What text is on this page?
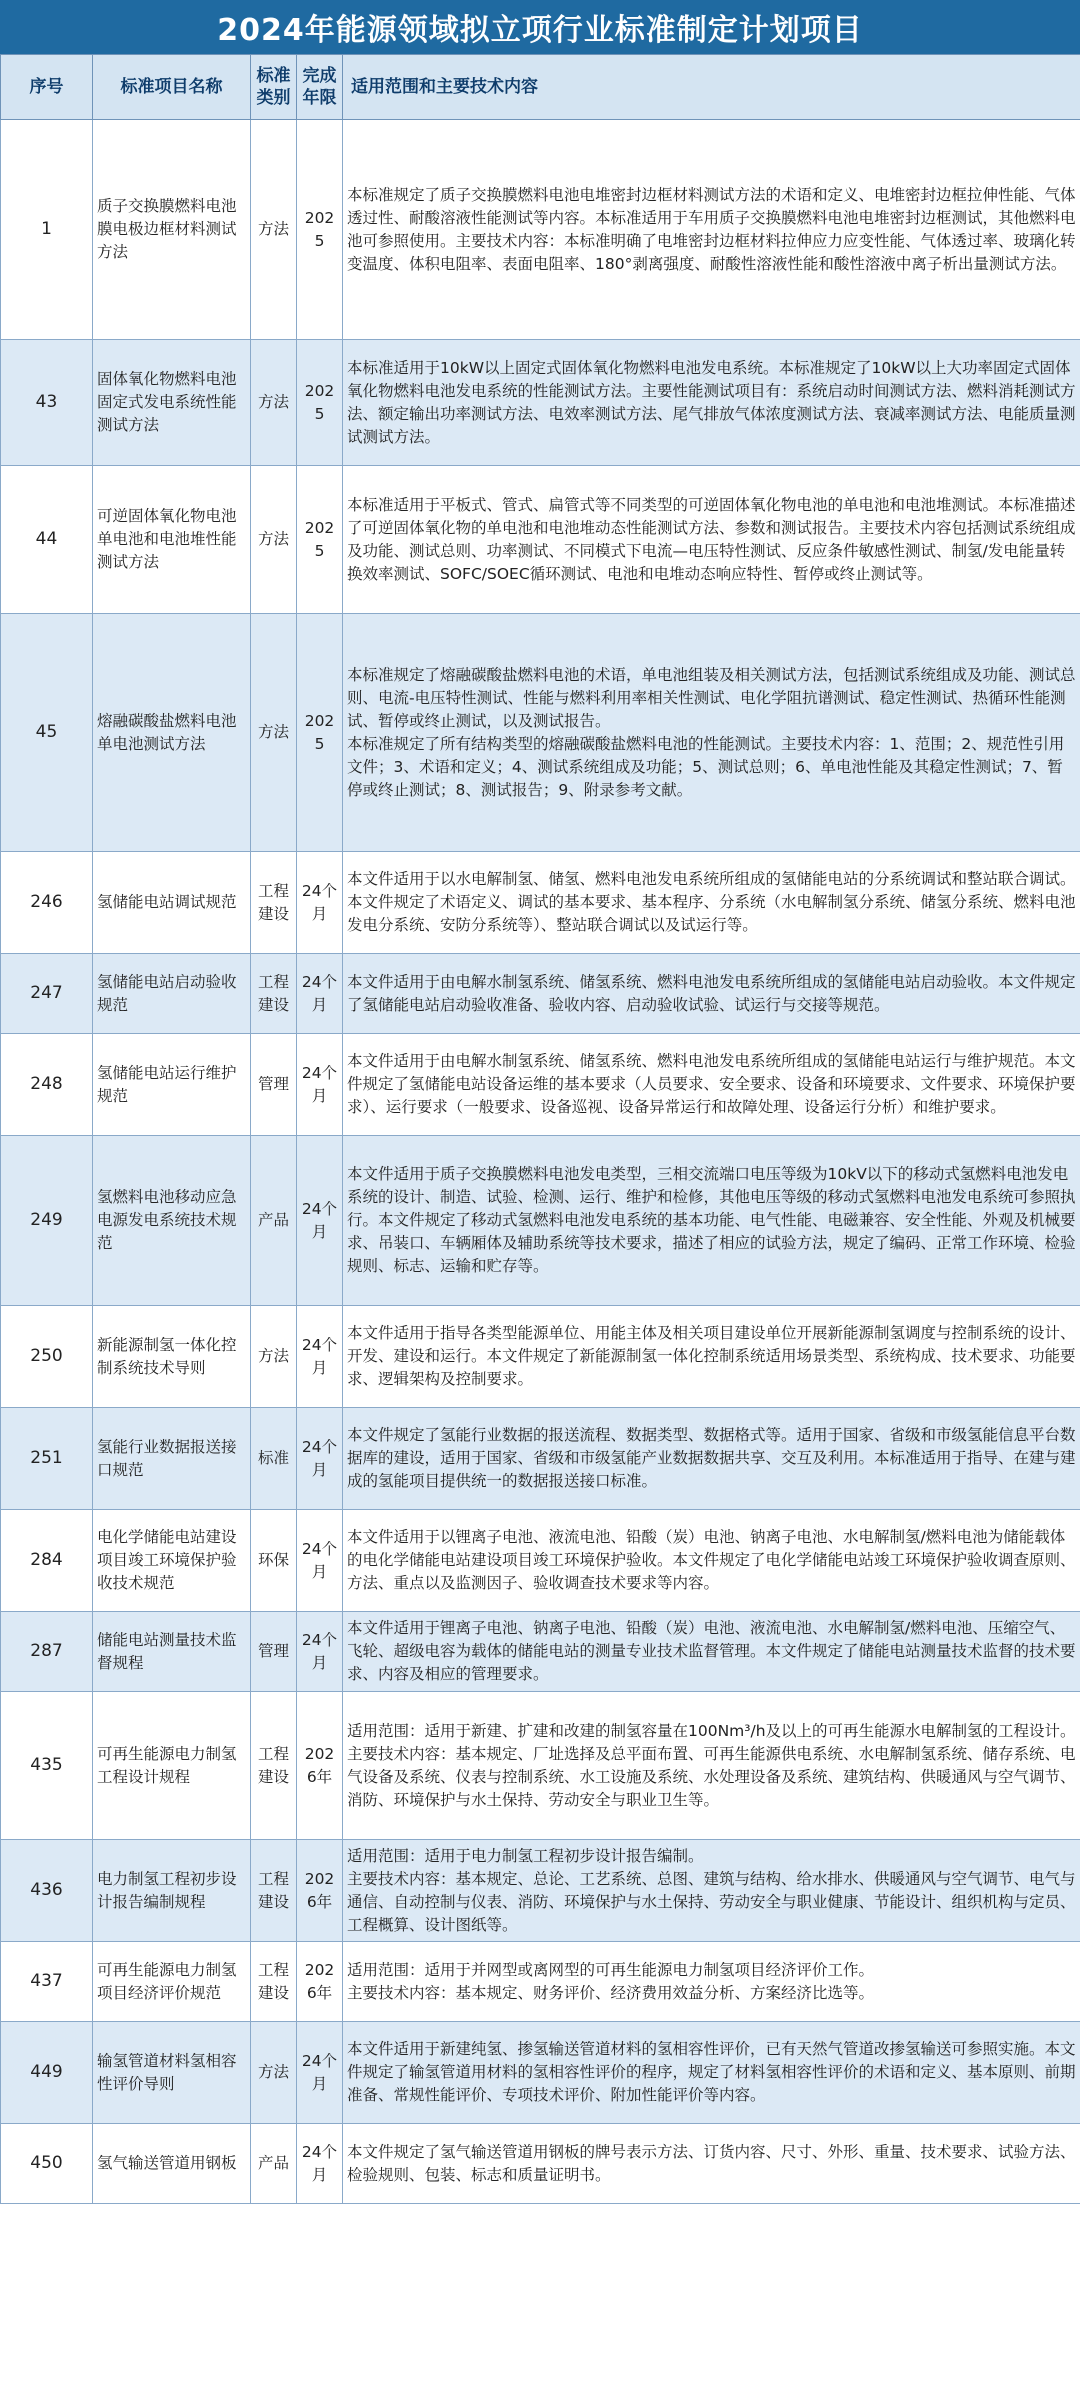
2024年能源领域拟立项行业标准制定计划项目
序号	标准项目名称	标准类别	完成年限	适用范围和主要技术内容
1	质子交换膜燃料电池 膜电极边框材料测试方法	方法	2025	本标准规定了质子交换膜燃料电池电堆密封边框材料测试方法的术语和定义、电堆密封边框拉伸性能、气体透过性、耐酸溶液性能测试等内容。本标准适用于车用质子交换膜燃料电池电堆密封边框测试，其他燃料电池可参照使用。主要技术内容：本标准明确了电堆密封边框材料拉伸应力应变性能、气体透过率、玻璃化转变温度、体积电阻率、表面电阻率、180°剥离强度、耐酸性溶液性能和酸性溶液中离子析出量测试方法。

43	固体氧化物燃料电池 固定式发电系统性能测试方法	方法	2025	本标准适用于10kW以上固定式固体氧化物燃料电池发电系统。本标准规定了10kW以上大功率固定式固体氧化物燃料电池发电系统的性能测试方法。主要性能测试项目有：系统启动时间测试方法、燃料消耗测试方法、额定输出功率测试方法、电效率测试方法、尾气排放气体浓度测试方法、衰减率测试方法、电能质量测试测试方法。

44	可逆固体氧化物电池 单电池和电池堆性能测试方法	方法	2025	本标准适用于平板式、管式、扁管式等不同类型的可逆固体氧化物电池的单电池和电池堆测试。本标准描述了可逆固体氧化物的单电池和电池堆动态性能测试方法、参数和测试报告。主要技术内容包括测试系统组成及功能、测试总则、功率测试、不同模式下电流—电压特性测试、反应条件敏感性测试、制氢/发电能量转换效率测试、SOFC/SOEC循环测试、电池和电堆动态响应特性、暂停或终止测试等。

45	熔融碳酸盐燃料电池 单电池测试方法	方法	2025	本标准规定了熔融碳酸盐燃料电池的术语，单电池组装及相关测试方法，包括测试系统组成及功能、测试总则、电流-电压特性测试、性能与燃料利用率相关性测试、电化学阻抗谱测试、稳定性测试、热循环性能测试、暂停或终止测试，以及测试报告。
本标准规定了所有结构类型的熔融碳酸盐燃料电池的性能测试。主要技术内容：1、范围；2、规范性引用文件；3、术语和定义；4、测试系统组成及功能；5、测试总则；6、单电池性能及其稳定性测试；7、暂停或终止测试；8、测试报告；9、附录参考文献。

246	氢储能电站调试规范	工程建设	24个月	本文件适用于以水电解制氢、储氢、燃料电池发电系统所组成的氢储能电站的分系统调试和整站联合调试。本文件规定了术语定义、调试的基本要求、基本程序、分系统（水电解制氢分系统、储氢分系统、燃料电池发电分系统、安防分系统等）、整站联合调试以及试运行等。

247	氢储能电站启动验收规范	工程建设	24个月	本文件适用于由电解水制氢系统、储氢系统、燃料电池发电系统所组成的氢储能电站启动验收。本文件规定了氢储能电站启动验收准备、验收内容、启动验收试验、试运行与交接等规范。

248	氢储能电站运行维护规范	管理	24个月	本文件适用于由电解水制氢系统、储氢系统、燃料电池发电系统所组成的氢储能电站运行与维护规范。本文件规定了氢储能电站设备运维的基本要求（人员要求、安全要求、设备和环境要求、文件要求、环境保护要求）、运行要求（一般要求、设备巡视、设备异常运行和故障处理、设备运行分析）和维护要求。

249	氢燃料电池移动应急电源发电系统技术规范	产品	24个月	本文件适用于质子交换膜燃料电池发电类型，三相交流端口电压等级为10kV以下的移动式氢燃料电池发电系统的设计、制造、试验、检测、运行、维护和检修，其他电压等级的移动式氢燃料电池发电系统可参照执行。本文件规定了移动式氢燃料电池发电系统的基本功能、电气性能、电磁兼容、安全性能、外观及机械要求、吊装口、车辆厢体及辅助系统等技术要求，描述了相应的试验方法，规定了编码、正常工作环境、检验规则、标志、运输和贮存等。

250	新能源制氢一体化控制系统技术导则	方法	24个月	本文件适用于指导各类型能源单位、用能主体及相关项目建设单位开展新能源制氢调度与控制系统的设计、开发、建设和运行。本文件规定了新能源制氢一体化控制系统适用场景类型、系统构成、技术要求、功能要求、逻辑架构及控制要求。

251	氢能行业数据报送接口规范	标准	24个月	本文件规定了氢能行业数据的报送流程、数据类型、数据格式等。适用于国家、省级和市级氢能信息平台数据库的建设，适用于国家、省级和市级氢能产业数据数据共享、交互及利用。本标准适用于指导、在建与建成的氢能项目提供统一的数据报送接口标准。

284	电化学储能电站建设项目竣工环境保护验收技术规范	环保	24个月	本文件适用于以锂离子电池、液流电池、铅酸（炭）电池、钠离子电池、水电解制氢/燃料电池为储能载体的电化学储能电站建设项目竣工环境保护验收。本文件规定了电化学储能电站竣工环境保护验收调查原则、方法、重点以及监测因子、验收调查技术要求等内容。

287	储能电站测量技术监督规程	管理	24个月	本文件适用于锂离子电池、钠离子电池、铅酸（炭）电池、液流电池、水电解制氢/燃料电池、压缩空气、飞轮、超级电容为载体的储能电站的测量专业技术监督管理。本文件规定了储能电站测量技术监督的技术要求、内容及相应的管理要求。

435	可再生能源电力制氢工程设计规程	工程建设	2026年	适用范围：适用于新建、扩建和改建的制氢容量在100Nm³/h及以上的可再生能源水电解制氢的工程设计。
主要技术内容：基本规定、厂址选择及总平面布置、可再生能源供电系统、水电解制氢系统、储存系统、电气设备及系统、仪表与控制系统、水工设施及系统、水处理设备及系统、建筑结构、供暖通风与空气调节、消防、环境保护与水土保持、劳动安全与职业卫生等。

436	电力制氢工程初步设计报告编制规程	工程建设	2026年	适用范围：适用于电力制氢工程初步设计报告编制。
主要技术内容：基本规定、总论、工艺系统、总图、建筑与结构、给水排水、供暖通风与空气调节、电气与通信、自动控制与仪表、消防、环境保护与水土保持、劳动安全与职业健康、节能设计、组织机构与定员、工程概算、设计图纸等。

437	可再生能源电力制氢项目经济评价规范	工程建设	2026年	适用范围：适用于并网型或离网型的可再生能源电力制氢项目经济评价工作。
主要技术内容：基本规定、财务评价、经济费用效益分析、方案经济比选等。

449	输氢管道材料氢相容性评价导则	方法	24个月	本文件适用于新建纯氢、掺氢输送管道材料的氢相容性评价，已有天然气管道改掺氢输送可参照实施。本文件规定了输氢管道用材料的氢相容性评价的程序，规定了材料氢相容性评价的术语和定义、基本原则、前期准备、常规性能评价、专项技术评价、附加性能评价等内容。

450	氢气输送管道用钢板	产品	24个月	本文件规定了氢气输送管道用钢板的牌号表示方法、订货内容、尺寸、外形、重量、技术要求、试验方法、检验规则、包装、标志和质量证明书。
